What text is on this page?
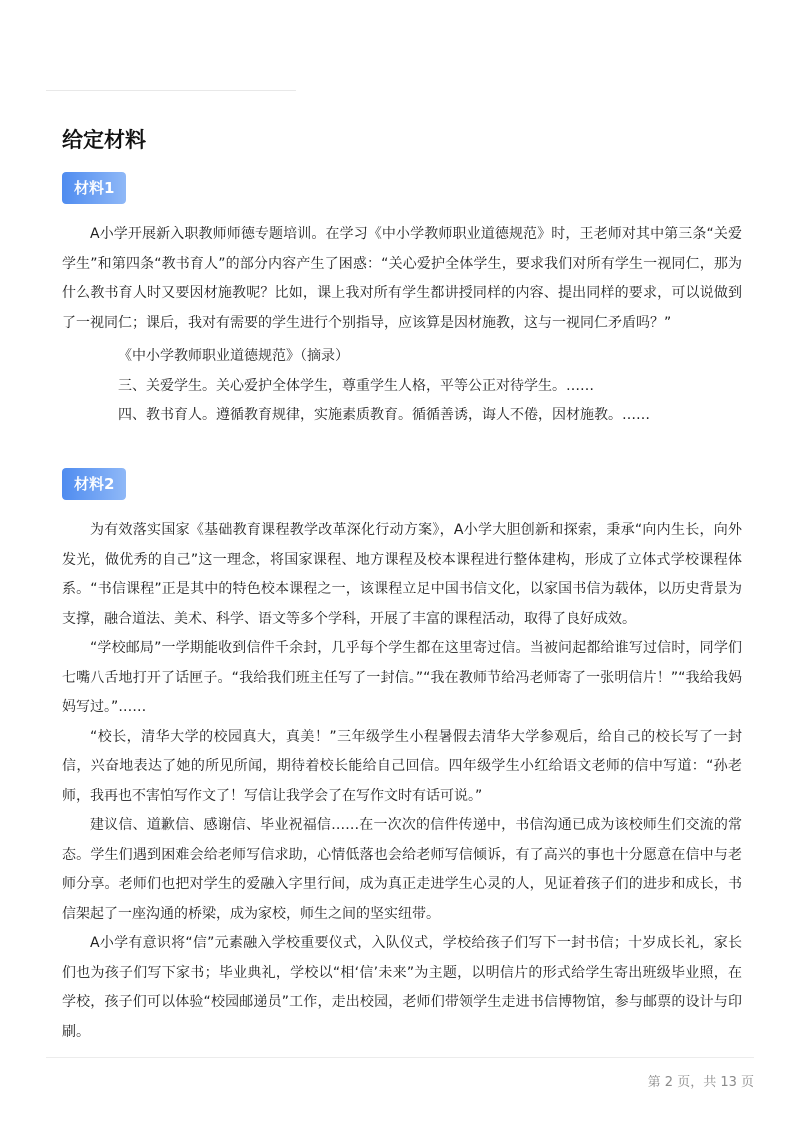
给定材料
材料1

A小学开展新入职教师师德专题培训。在学习《中小学教师职业道德规范》时，王老师对其中第三条“关爱学生”和第四条“教书育人”的部分内容产生了困惑：“关心爱护全体学生，要求我们对所有学生一视同仁，那为什么教书育人时又要因材施教呢？比如，课上我对所有学生都讲授同样的内容、提出同样的要求，可以说做到了一视同仁；课后，我对有需要的学生进行个别指导，应该算是因材施教，这与一视同仁矛盾吗？”

《中小学教师职业道德规范》（摘录）

三、关爱学生。关心爱护全体学生，尊重学生人格，平等公正对待学生。……

四、教书育人。遵循教育规律，实施素质教育。循循善诱，诲人不倦，因材施教。……

材料2

为有效落实国家《基础教育课程教学改革深化行动方案》，A小学大胆创新和探索，秉承“向内生长，向外发光，做优秀的自己”这一理念，将国家课程、地方课程及校本课程进行整体建构，形成了立体式学校课程体系。“书信课程”正是其中的特色校本课程之一，该课程立足中国书信文化，以家国书信为载体，以历史背景为支撑，融合道法、美术、科学、语文等多个学科，开展了丰富的课程活动，取得了良好成效。

“学校邮局”一学期能收到信件千余封，几乎每个学生都在这里寄过信。当被问起都给谁写过信时，同学们七嘴八舌地打开了话匣子。“我给我们班主任写了一封信。”“我在教师节给冯老师寄了一张明信片！”“我给我妈妈写过。”……

“校长，清华大学的校园真大，真美！”三年级学生小程暑假去清华大学参观后，给自己的校长写了一封信，兴奋地表达了她的所见所闻，期待着校长能给自己回信。四年级学生小红给语文老师的信中写道：“孙老师，我再也不害怕写作文了！写信让我学会了在写作文时有话可说。”

建议信、道歉信、感谢信、毕业祝福信……在一次次的信件传递中，书信沟通已成为该校师生们交流的常态。学生们遇到困难会给老师写信求助，心情低落也会给老师写信倾诉，有了高兴的事也十分愿意在信中与老师分享。老师们也把对学生的爱融入字里行间，成为真正走进学生心灵的人，见证着孩子们的进步和成长，书信架起了一座沟通的桥梁，成为家校，师生之间的坚实纽带。

A小学有意识将“信”元素融入学校重要仪式，入队仪式，学校给孩子们写下一封书信；十岁成长礼，家长们也为孩子们写下家书；毕业典礼，学校以“相‘信’未来”为主题，以明信片的形式给学生寄出班级毕业照，在学校，孩子们可以体验“校园邮递员”工作，走出校园，老师们带领学生走进书信博物馆，参与邮票的设计与印刷。

第 2 页，共 13 页
